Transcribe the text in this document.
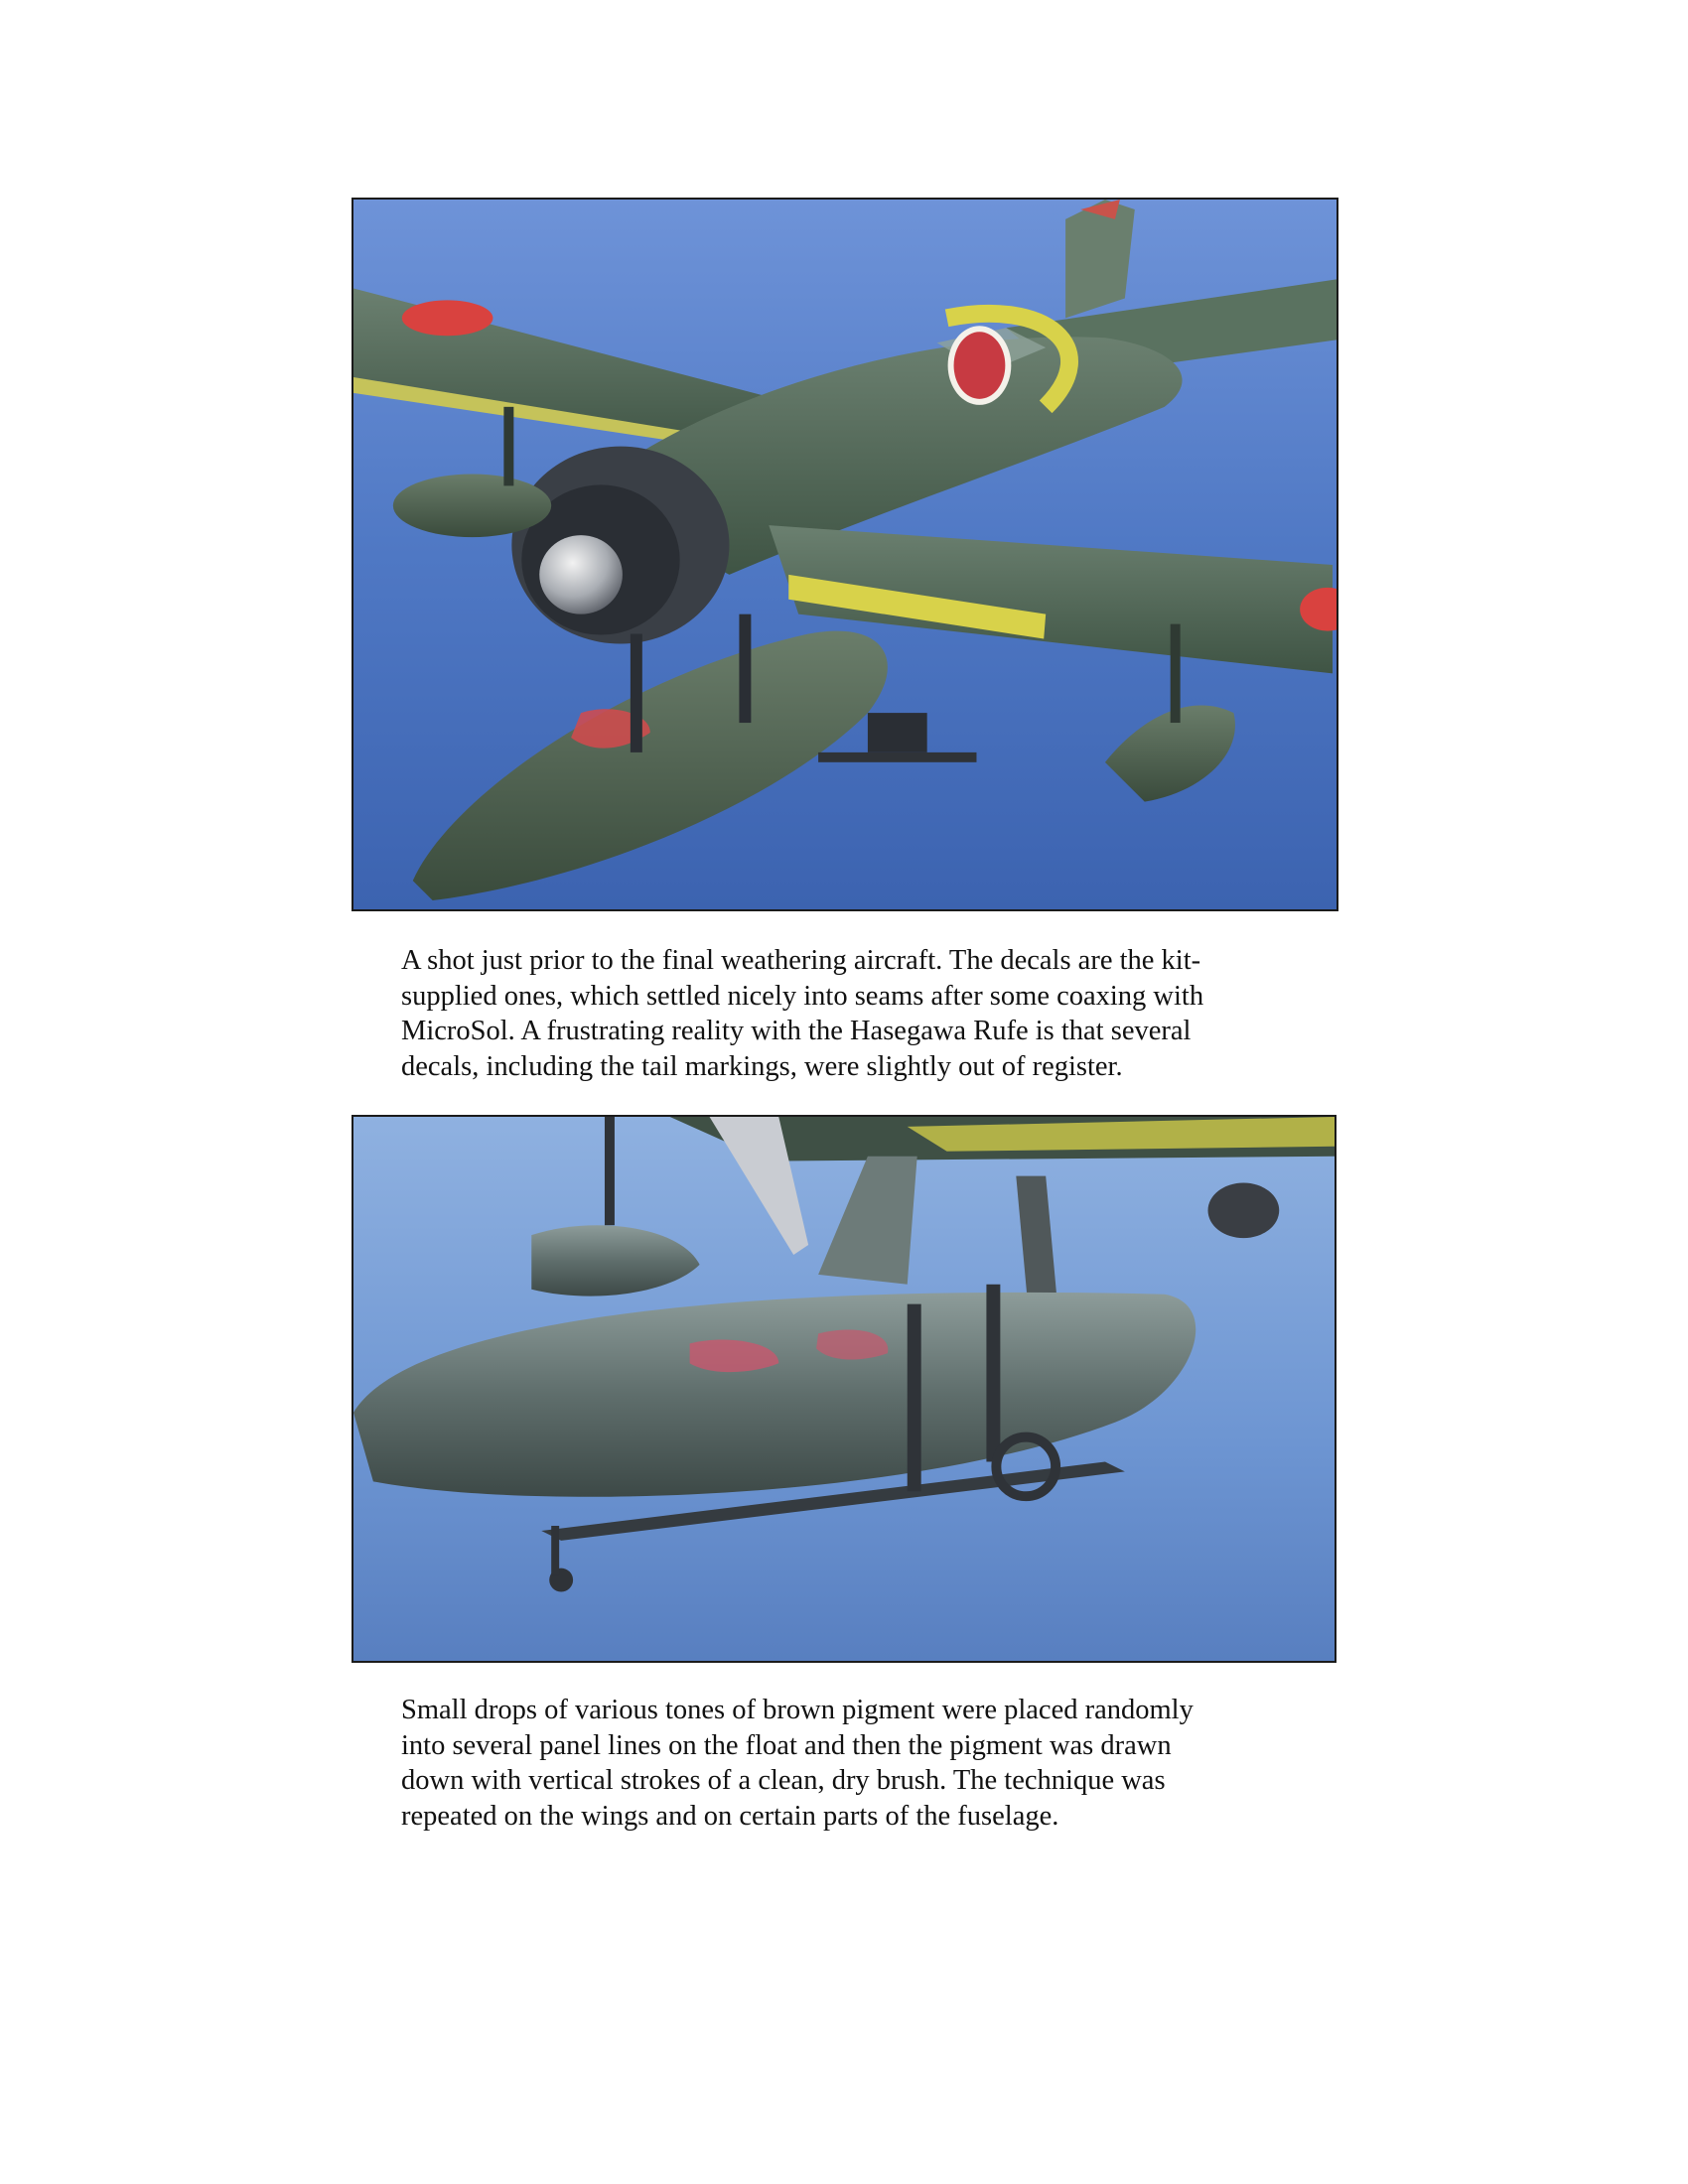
A shot just prior to the final weathering aircraft. The decals are the kit-
supplied ones, which settled nicely into seams after some coaxing with
MicroSol. A frustrating reality with the Hasegawa Rufe is that several
decals, including the tail markings, were slightly out of register.

Small drops of various tones of brown pigment were placed randomly
into several panel lines on the float and then the pigment was drawn
down with vertical strokes of a clean, dry brush. The technique was
repeated on the wings and on certain parts of the fuselage.
